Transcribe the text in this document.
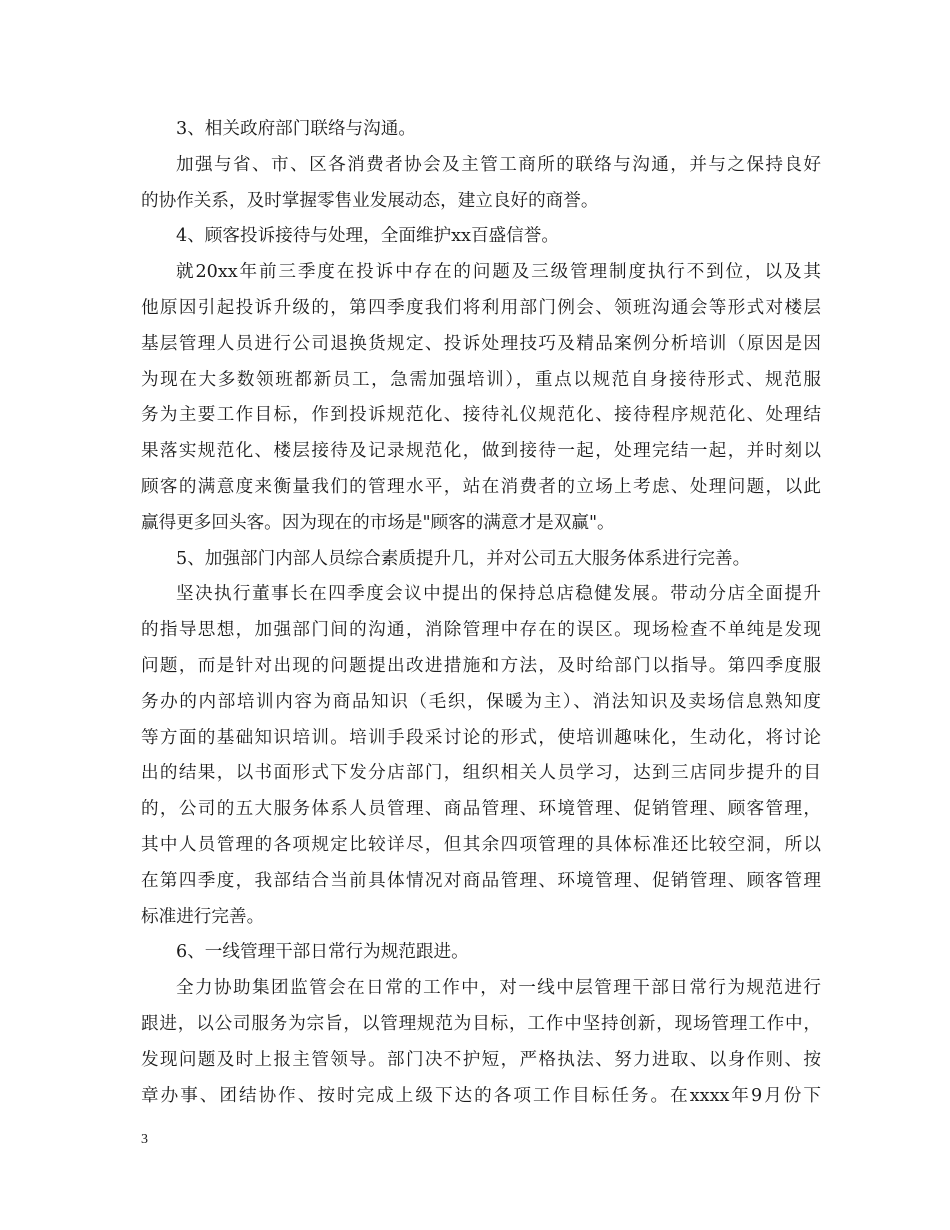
3、相关政府部门联络与沟通。
加强与省、市、区各消费者协会及主管工商所的联络与沟通，并与之保持良好
的协作关系，及时掌握零售业发展动态，建立良好的商誉。
4、顾客投诉接待与处理，全面维护xx百盛信誉。
就20xx年前三季度在投诉中存在的问题及三级管理制度执行不到位，以及其
他原因引起投诉升级的，第四季度我们将利用部门例会、领班沟通会等形式对楼层
基层管理人员进行公司退换货规定、投诉处理技巧及精品案例分析培训（原因是因
为现在大多数领班都新员工，急需加强培训），重点以规范自身接待形式、规范服
务为主要工作目标，作到投诉规范化、接待礼仪规范化、接待程序规范化、处理结
果落实规范化、楼层接待及记录规范化，做到接待一起，处理完结一起，并时刻以
顾客的满意度来衡量我们的管理水平，站在消费者的立场上考虑、处理问题，以此
赢得更多回头客。因为现在的市场是"顾客的满意才是双赢"。
5、加强部门内部人员综合素质提升几，并对公司五大服务体系进行完善。
坚决执行董事长在四季度会议中提出的保持总店稳健发展。带动分店全面提升
的指导思想，加强部门间的沟通，消除管理中存在的误区。现场检查不单纯是发现
问题，而是针对出现的问题提出改进措施和方法，及时给部门以指导。第四季度服
务办的内部培训内容为商品知识（毛织，保暖为主）、消法知识及卖场信息熟知度
等方面的基础知识培训。培训手段采讨论的形式，使培训趣味化，生动化，将讨论
出的结果，以书面形式下发分店部门，组织相关人员学习，达到三店同步提升的目
的，公司的五大服务体系人员管理、商品管理、环境管理、促销管理、顾客管理，
其中人员管理的各项规定比较详尽，但其余四项管理的具体标准还比较空洞，所以
在第四季度，我部结合当前具体情况对商品管理、环境管理、促销管理、顾客管理
标准进行完善。
6、一线管理干部日常行为规范跟进。
全力协助集团监管会在日常的工作中，对一线中层管理干部日常行为规范进行
跟进，以公司服务为宗旨，以管理规范为目标，工作中坚持创新，现场管理工作中，
发现问题及时上报主管领导。部门决不护短，严格执法、努力进取、以身作则、按
章办事、团结协作、按时完成上级下达的各项工作目标任务。在xxxx年9月份下
3
